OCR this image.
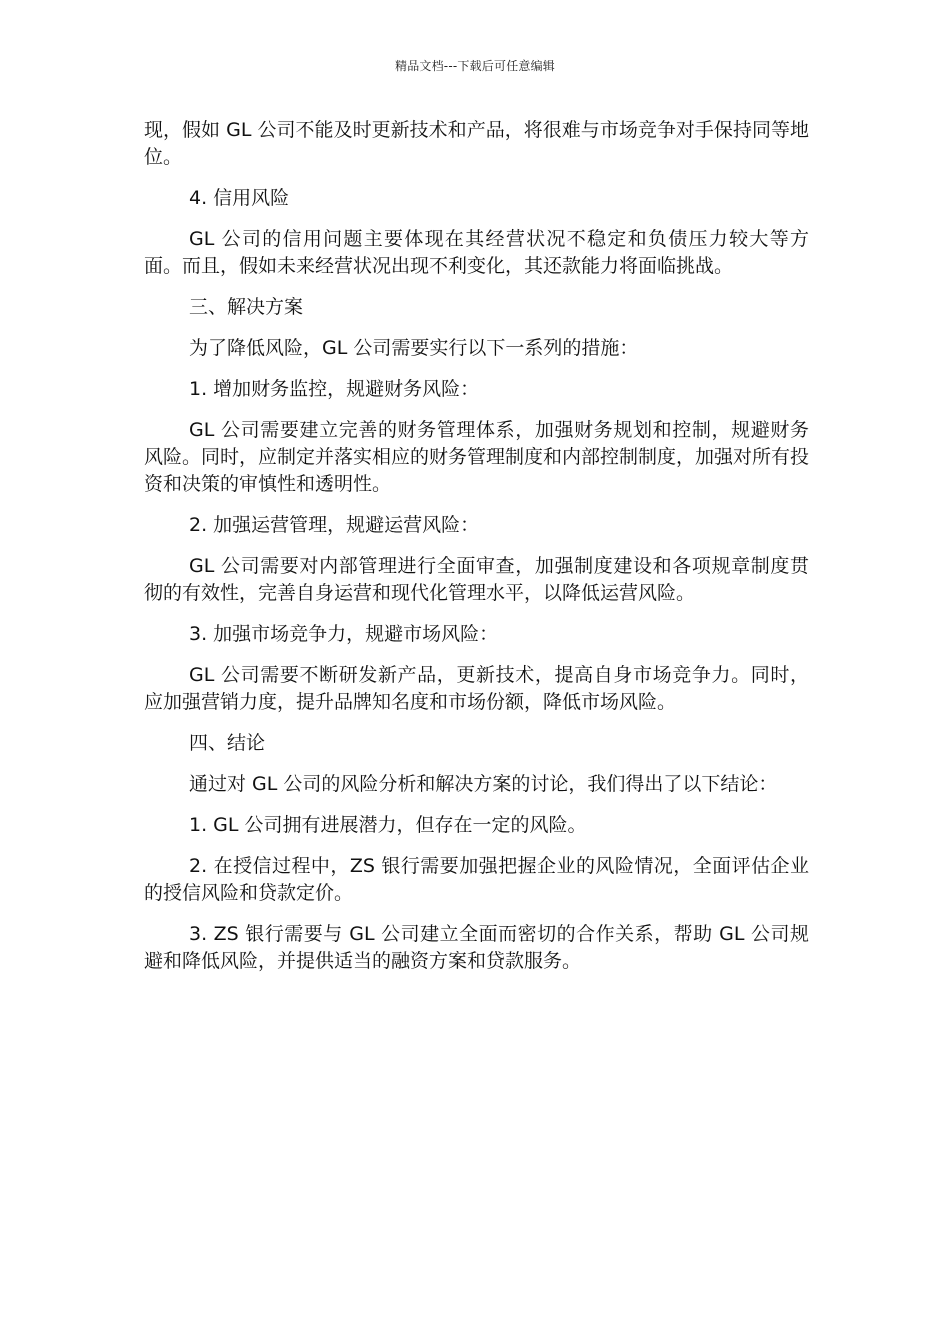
精品文档---下载后可任意编辑

现，假如 GL 公司不能及时更新技术和产品，将很难与市场竞争对手保持同等地位。

4. 信用风险

GL 公司的信用问题主要体现在其经营状况不稳定和负债压力较大等方面。而且，假如未来经营状况出现不利变化，其还款能力将面临挑战。

三、解决方案

为了降低风险，GL 公司需要实行以下一系列的措施：

1. 增加财务监控，规避财务风险：

GL 公司需要建立完善的财务管理体系，加强财务规划和控制，规避财务风险。同时，应制定并落实相应的财务管理制度和内部控制制度，加强对所有投资和决策的审慎性和透明性。

2. 加强运营管理，规避运营风险：

GL 公司需要对内部管理进行全面审查，加强制度建设和各项规章制度贯彻的有效性，完善自身运营和现代化管理水平，以降低运营风险。

3. 加强市场竞争力，规避市场风险：

GL 公司需要不断研发新产品，更新技术，提高自身市场竞争力。同时，应加强营销力度，提升品牌知名度和市场份额，降低市场风险。

四、结论

通过对 GL 公司的风险分析和解决方案的讨论，我们得出了以下结论：

1. GL 公司拥有进展潜力，但存在一定的风险。

2. 在授信过程中，ZS 银行需要加强把握企业的风险情况，全面评估企业的授信风险和贷款定价。

3. ZS 银行需要与 GL 公司建立全面而密切的合作关系，帮助 GL 公司规避和降低风险，并提供适当的融资方案和贷款服务。
